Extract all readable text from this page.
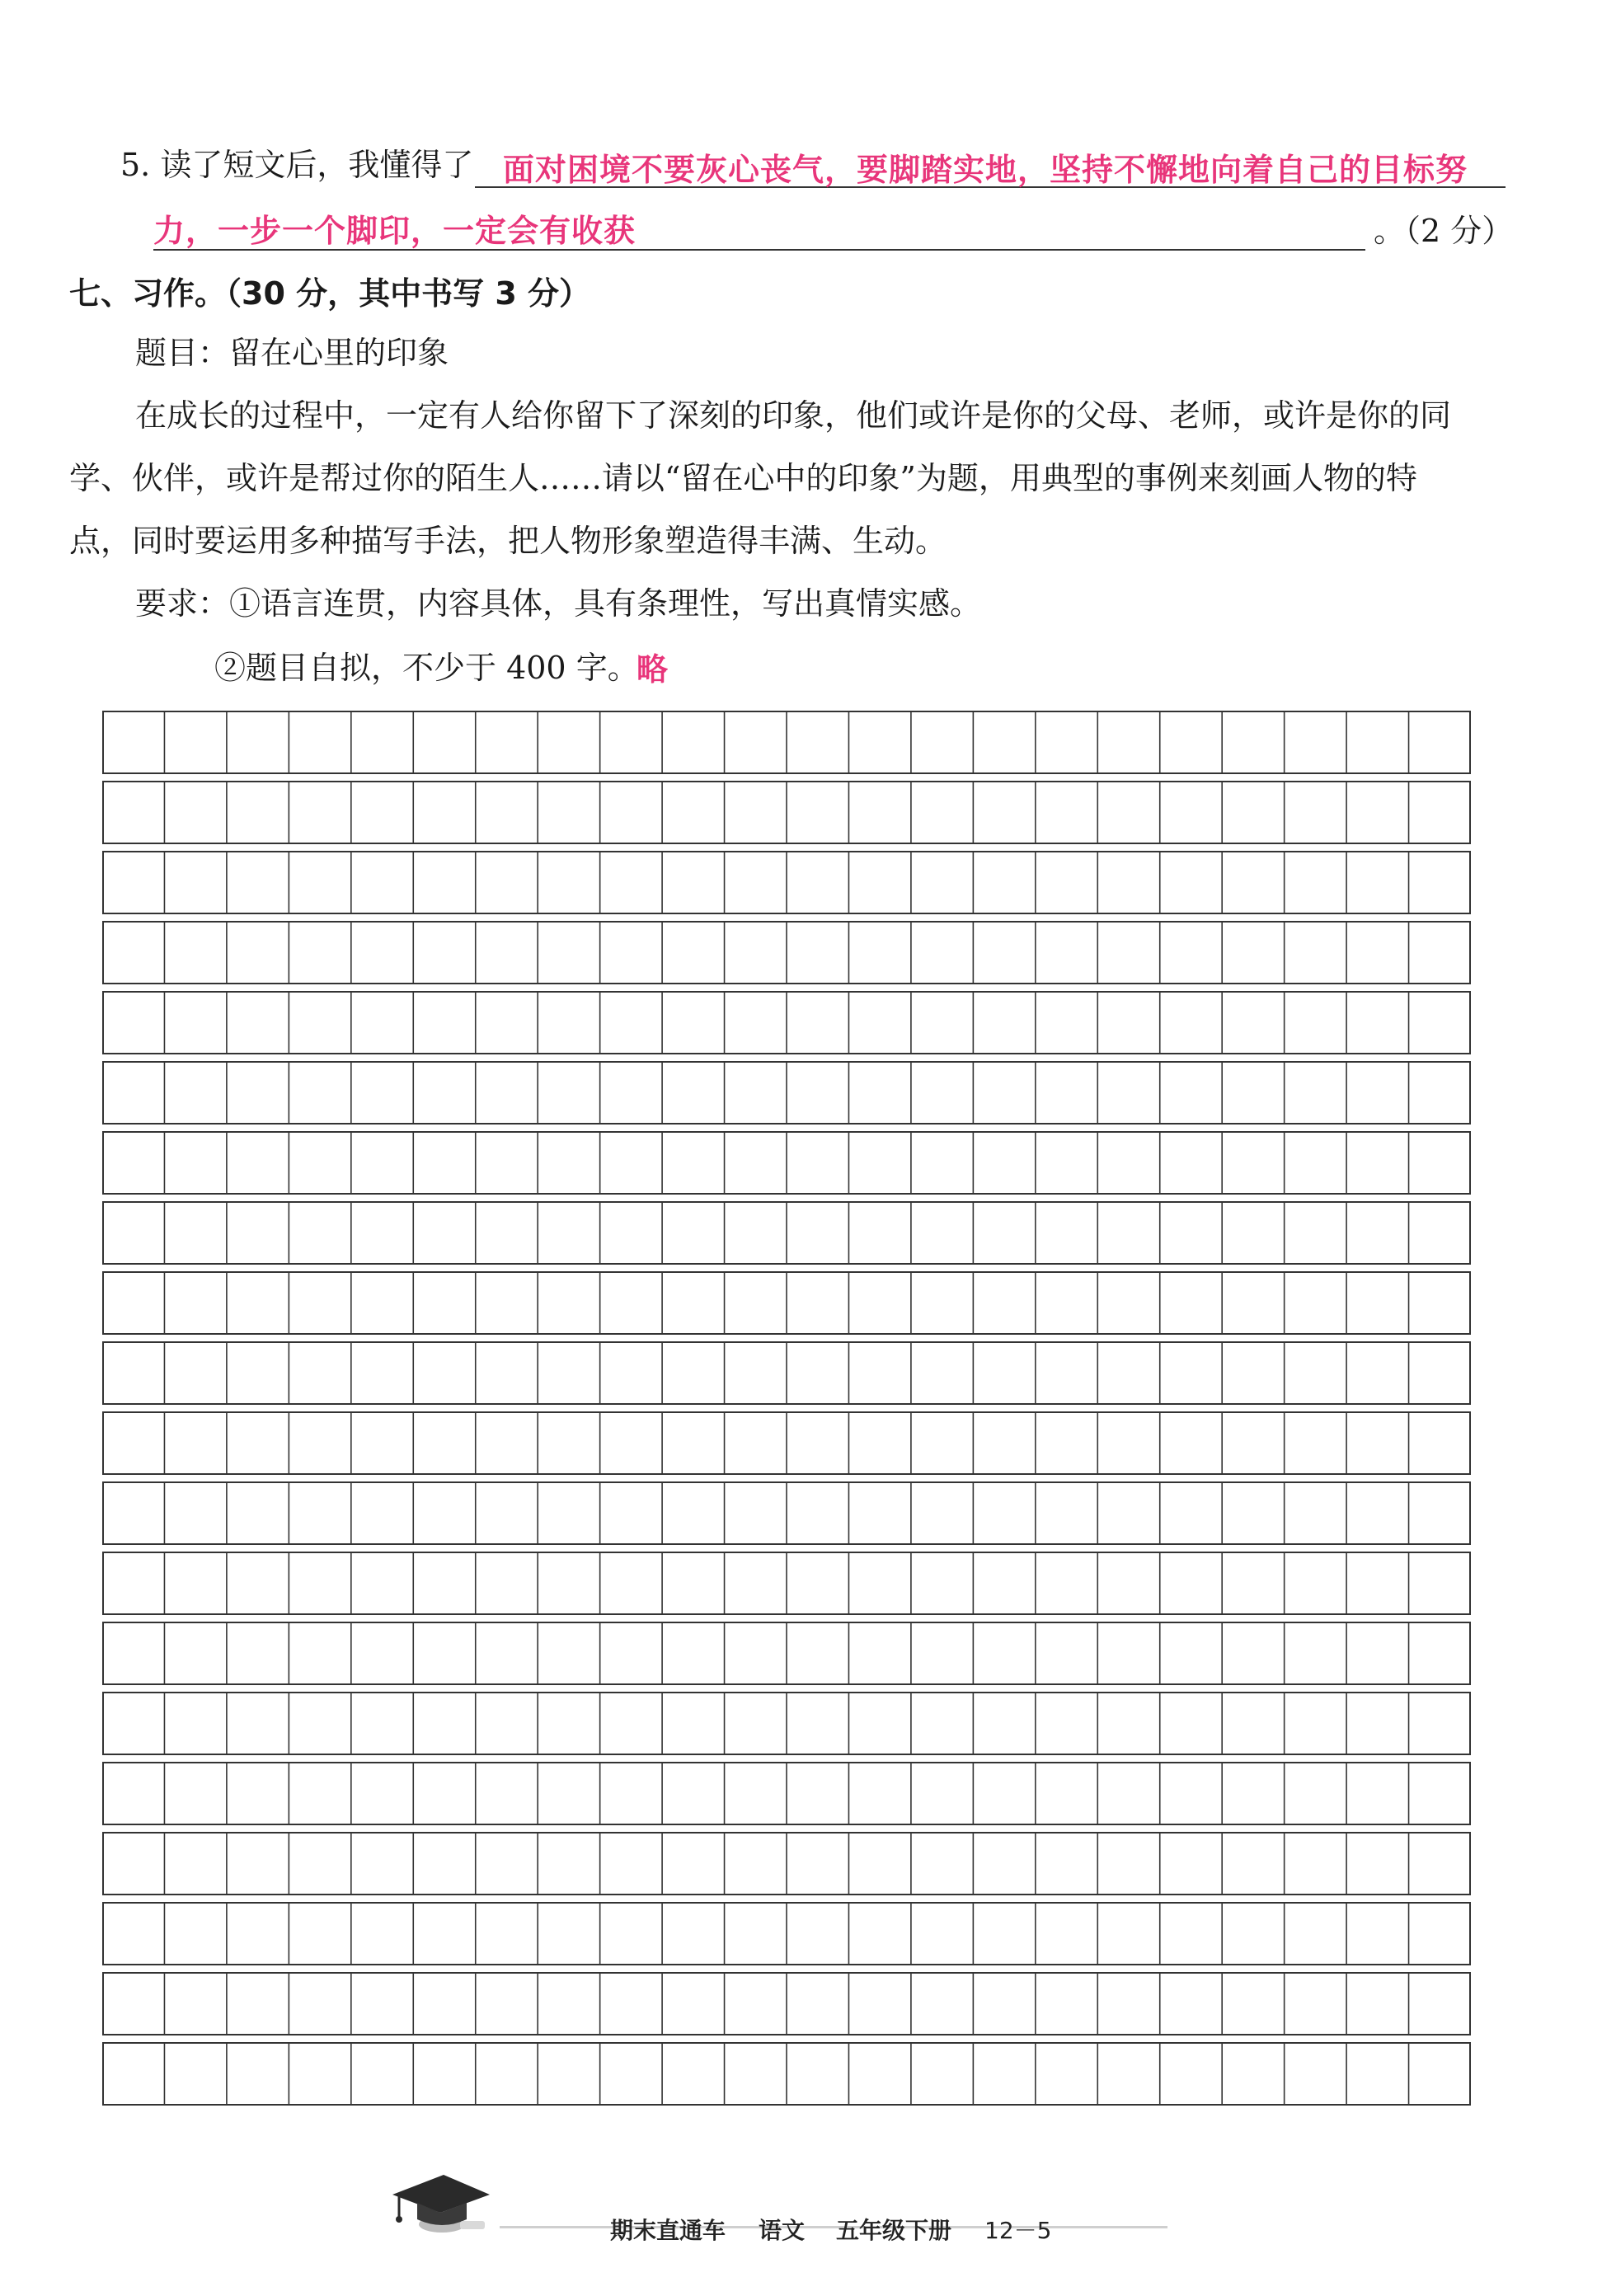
5. 读了短文后，我懂得了 面对困境不要灰心丧气，要脚踏实地，坚持不懈地向着自己的目标努
力，一步一个脚印，一定会有收获	。（2 分）
七、习作。（30 分，其中书写 3 分）
题目：留在心里的印象
在成长的过程中，一定有人给你留下了深刻的印象，他们或许是你的父母、老师，或许是你的同
学、伙伴，或许是帮过你的陌生人……请以“留在心中的印象”为题，用典型的事例来刻画人物的特
点，同时要运用多种描写手法，把人物形象塑造得丰满、生动。
要求：①语言连贯，内容具体，具有条理性，写出真情实感。
②题目自拟，不少于 400 字。
略
期末直通车 语文 五年级下册 12－5
